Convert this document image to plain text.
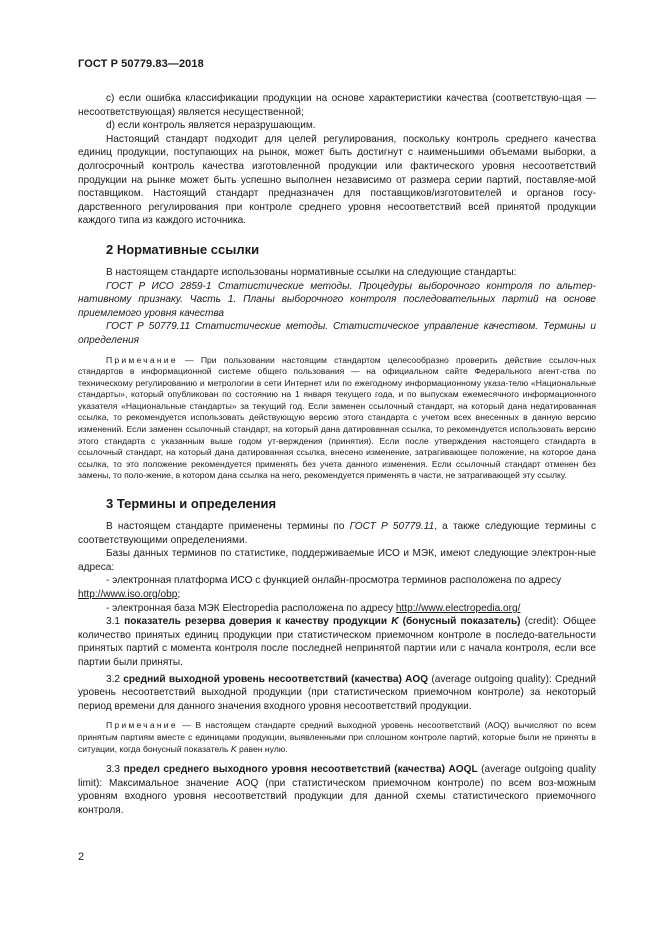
ГОСТ Р 50779.83—2018

c) если ошибка классификации продукции на основе характеристики качества (соответствую-щая — несоответствующая) является несущественной;

d) если контроль является неразрушающим.

Настоящий стандарт подходит для целей регулирования, поскольку контроль среднего качества единиц продукции, поступающих на рынок, может быть достигнут с наименьшими объемами выборки, а долгосрочный контроль качества изготовленной продукции или фактического уровня несоответствий продукции на рынке может быть успешно выполнен независимо от размера серии партий, поставляе-мой поставщиком. Настоящий стандарт предназначен для поставщиков/изготовителей и органов госу-дарственного регулирования при контроле среднего уровня несоответствий всей принятой продукции каждого типа из каждого источника.

2 Нормативные ссылки

В настоящем стандарте использованы нормативные ссылки на следующие стандарты:

ГОСТ Р ИСО 2859-1 Статистические методы. Процедуры выборочного контроля по альтер-нативному признаку. Часть 1. Планы выборочного контроля последовательных партий на основе приемлемого уровня качества

ГОСТ Р 50779.11 Статистические методы. Статистическое управление качеством. Термины и определения

Примечание — При пользовании настоящим стандартом целесообразно проверить действие ссылоч-ных стандартов в информационной системе общего пользования — на официальном сайте Федерального агент-ства по техническому регулированию и метрологии в сети Интернет или по ежегодному информационному указа-телю «Национальные стандарты», который опубликован по состоянию на 1 января текущего года, и по выпускам ежемесячного информационного указателя «Национальные стандарты» за текущий год. Если заменен ссылочный стандарт, на который дана недатированная ссылка, то рекомендуется использовать действующую версию этого стандарта с учетом всех внесенных в данную версию изменений. Если заменен ссылочный стандарт, на который дана датированная ссылка, то рекомендуется использовать версию этого стандарта с указанным выше годом ут-верждения (принятия). Если после утверждения настоящего стандарта в ссылочный стандарт, на который дана датированная ссылка, внесено изменение, затрагивающее положение, на которое дана ссылка, то это положение рекомендуется применять без учета данного изменения. Если ссылочный стандарт отменен без замены, то поло-жение, в котором дана ссылка на него, рекомендуется применять в части, не затрагивающей эту ссылку.

3 Термины и определения

В настоящем стандарте применены термины по ГОСТ Р 50779.11, а также следующие термины с соответствующими определениями.

Базы данных терминов по статистике, поддерживаемые ИСО и МЭК, имеют следующие электрон-ные адреса:

- электронная платформа ИСО с функцией онлайн-просмотра терминов расположена по адресу
http://www.iso.org/obp;

- электронная база МЭК Electropedia расположена по адресу http://www.electropedia.org/

3.1 показатель резерва доверия к качеству продукции K (бонусный показатель) (credit): Общее количество принятых единиц продукции при статистическом приемочном контроле в последо-вательности принятых партий с момента контроля после последней непринятой партии или с начала контроля, если все партии были приняты.

3.2 средний выходной уровень несоответствий (качества) AOQ (average outgoing quality): Средний уровень несоответствий выходной продукции (при статистическом приемочном контроле) за некоторый период времени для данного значения входного уровня несоответствий продукции.

Примечание — В настоящем стандарте средний выходной уровень несоответствий (AOQ) вычисляют по всем принятым партиям вместе с единицами продукции, выявленными при сплошном контроле партий, которые были не приняты в ситуации, когда бонусный показатель K равен нулю.

3.3 предел среднего выходного уровня несоответствий (качества) AOQL (average outgoing quality limit): Максимальное значение AOQ (при статистическом приемочном контроле) по всем воз-можным уровням входного уровня несоответствий продукции для данной схемы статистического приемочного контроля.

2
